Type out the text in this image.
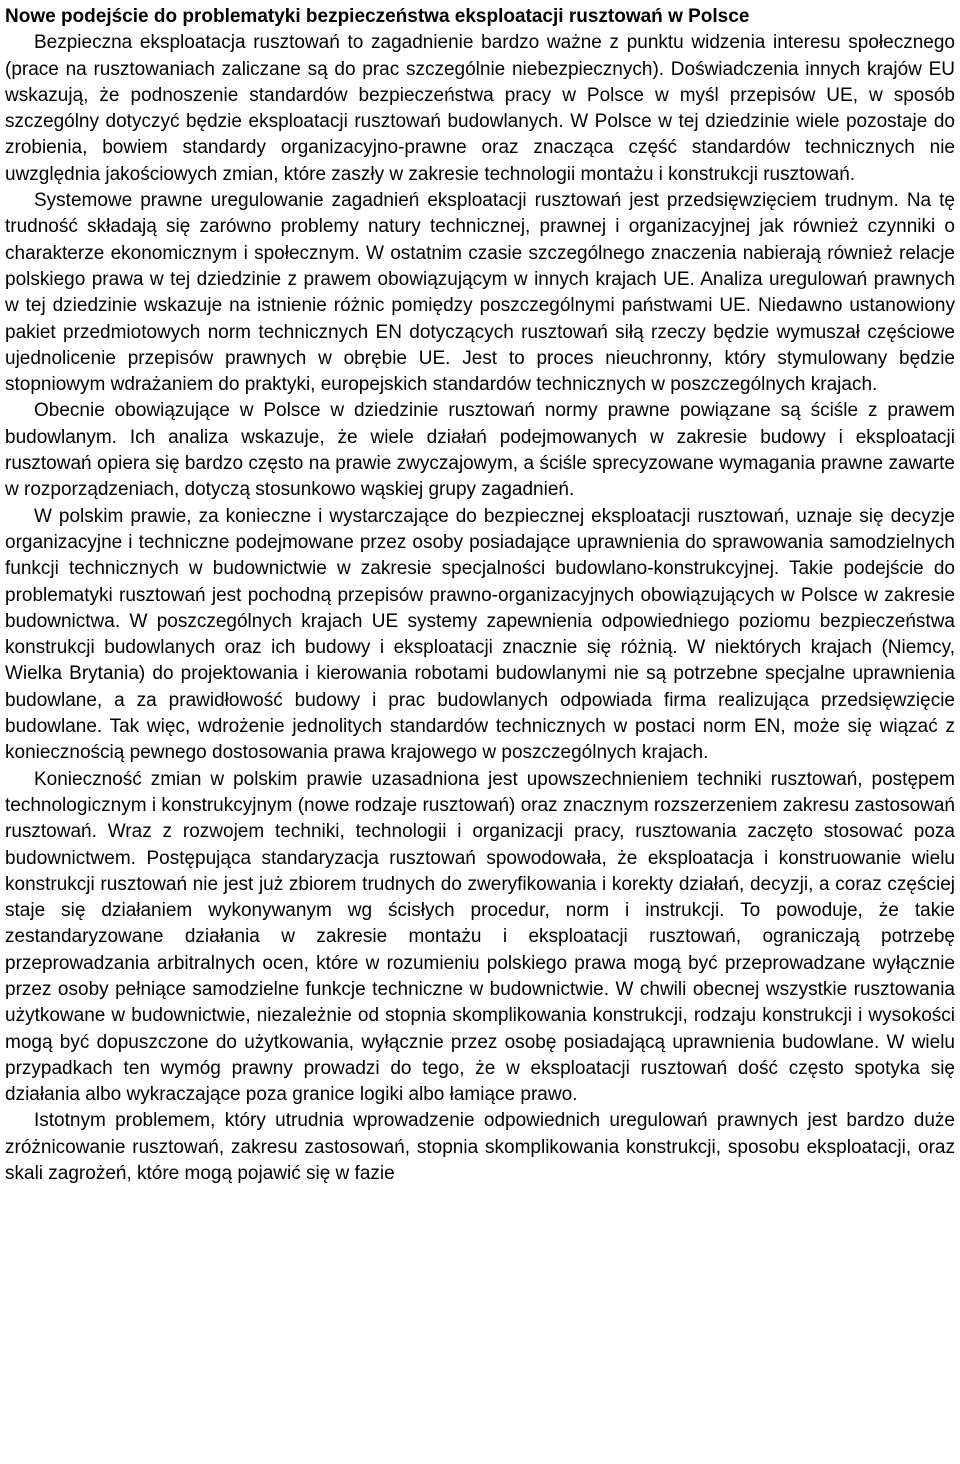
Nowe podejście do problematyki bezpieczeństwa eksploatacji rusztowań w Polsce

Bezpieczna eksploatacja rusztowań to zagadnienie bardzo ważne z punktu widzenia interesu społecznego (prace na rusztowaniach zaliczane są do prac szczególnie niebezpiecznych). Doświadczenia innych krajów EU wskazują, że podnoszenie standardów bezpieczeństwa pracy w Polsce w myśl przepisów UE, w sposób szczególny dotyczyć będzie eksploatacji rusztowań budowlanych. W Polsce w tej dziedzinie wiele pozostaje do zrobienia, bowiem standardy organizacyjno-prawne oraz znacząca część standardów technicznych nie uwzględnia jakościowych zmian, które zaszły w zakresie technologii montażu i konstrukcji rusztowań.

Systemowe prawne uregulowanie zagadnień eksploatacji rusztowań jest przedsięwzięciem trudnym. Na tę trudność składają się zarówno problemy natury technicznej, prawnej i organizacyjnej jak również czynniki o charakterze ekonomicznym i społecznym. W ostatnim czasie szczególnego znaczenia nabierają również relacje polskiego prawa w tej dziedzinie z prawem obowiązującym w innych krajach UE. Analiza uregulowań prawnych w tej dziedzinie wskazuje na istnienie różnic pomiędzy poszczególnymi państwami UE. Niedawno ustanowiony pakiet przedmiotowych norm technicznych EN dotyczących rusztowań siłą rzeczy będzie wymuszał częściowe ujednolicenie przepisów prawnych w obrębie UE. Jest to proces nieuchronny, który stymulowany będzie stopniowym wdrażaniem do praktyki, europejskich standardów technicznych w poszczególnych krajach.

Obecnie obowiązujące w Polsce w dziedzinie rusztowań normy prawne powiązane są ściśle z prawem budowlanym. Ich analiza wskazuje, że wiele działań podejmowanych w zakresie budowy i eksploatacji rusztowań opiera się bardzo często na prawie zwyczajowym, a ściśle sprecyzowane wymagania prawne zawarte w rozporządzeniach, dotyczą stosunkowo wąskiej grupy zagadnień.

W polskim prawie, za konieczne i wystarczające do bezpiecznej eksploatacji rusztowań, uznaje się decyzje organizacyjne i techniczne podejmowane przez osoby posiadające uprawnienia do sprawowania samodzielnych funkcji technicznych w budownictwie w zakresie specjalności budowlano-konstrukcyjnej. Takie podejście do problematyki rusztowań jest pochodną przepisów prawno-organizacyjnych obowiązujących w Polsce w zakresie budownictwa. W poszczególnych krajach UE systemy zapewnienia odpowiedniego poziomu bezpieczeństwa konstrukcji budowlanych oraz ich budowy i eksploatacji znacznie się różnią. W niektórych krajach (Niemcy, Wielka Brytania) do projektowania i kierowania robotami budowlanymi nie są potrzebne specjalne uprawnienia budowlane, a za prawidłowość budowy i prac budowlanych odpowiada firma realizująca przedsięwzięcie budowlane. Tak więc, wdrożenie jednolitych standardów technicznych w postaci norm EN, może się wiązać z koniecznością pewnego dostosowania prawa krajowego w poszczególnych krajach.

Konieczność zmian w polskim prawie uzasadniona jest upowszechnieniem techniki rusztowań, postępem technologicznym i konstrukcyjnym (nowe rodzaje rusztowań) oraz znacznym rozszerzeniem zakresu zastosowań rusztowań. Wraz z rozwojem techniki, technologii i organizacji pracy, rusztowania zaczęto stosować poza budownictwem. Postępująca standaryzacja rusztowań spowodowała, że eksploatacja i konstruowanie wielu konstrukcji rusztowań nie jest już zbiorem trudnych do zweryfikowania i korekty działań, decyzji, a coraz częściej staje się działaniem wykonywanym wg ścisłych procedur, norm i instrukcji. To powoduje, że takie zestandaryzowane działania w zakresie montażu i eksploatacji rusztowań, ograniczają potrzebę przeprowadzania arbitralnych ocen, które w rozumieniu polskiego prawa mogą być przeprowadzane wyłącznie przez osoby pełniące samodzielne funkcje techniczne w budownictwie. W chwili obecnej wszystkie rusztowania użytkowane w budownictwie, niezależnie od stopnia skomplikowania konstrukcji, rodzaju konstrukcji i wysokości mogą być dopuszczone do użytkowania, wyłącznie przez osobę posiadającą uprawnienia budowlane. W wielu przypadkach ten wymóg prawny prowadzi do tego, że w eksploatacji rusztowań dość często spotyka się działania albo wykraczające poza granice logiki albo łamiące prawo.

Istotnym problemem, który utrudnia wprowadzenie odpowiednich uregulowań prawnych jest bardzo duże zróżnicowanie rusztowań, zakresu zastosowań, stopnia skomplikowania konstrukcji, sposobu eksploatacji, oraz skali zagrożeń, które mogą pojawić się w fazie
